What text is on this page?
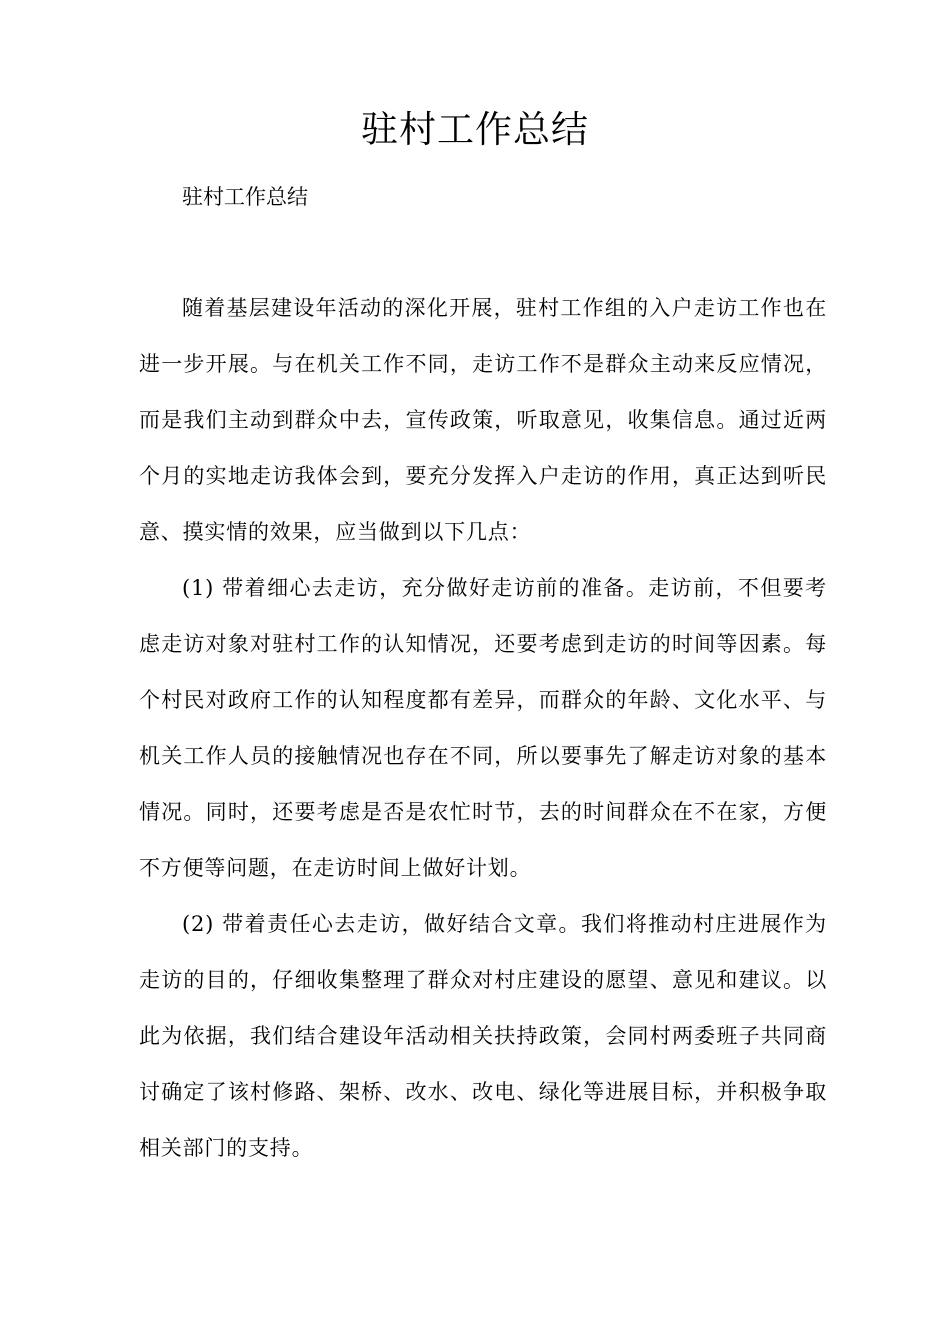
驻村工作总结

驻村工作总结

随着基层建设年活动的深化开展，驻村工作组的入户走访工作也在进一步开展。与在机关工作不同，走访工作不是群众主动来反应情况，而是我们主动到群众中去，宣传政策，听取意见，收集信息。通过近两个月的实地走访我体会到，要充分发挥入户走访的作用，真正达到听民意、摸实情的效果，应当做到以下几点：

(1) 带着细心去走访，充分做好走访前的准备。走访前，不但要考虑走访对象对驻村工作的认知情况，还要考虑到走访的时间等因素。每个村民对政府工作的认知程度都有差异，而群众的年龄、文化水平、与机关工作人员的接触情况也存在不同，所以要事先了解走访对象的基本情况。同时，还要考虑是否是农忙时节，去的时间群众在不在家，方便不方便等问题，在走访时间上做好计划。

(2) 带着责任心去走访，做好结合文章。我们将推动村庄进展作为走访的目的，仔细收集整理了群众对村庄建设的愿望、意见和建议。以此为依据，我们结合建设年活动相关扶持政策，会同村两委班子共同商讨确定了该村修路、架桥、改水、改电、绿化等进展目标，并积极争取相关部门的支持。
